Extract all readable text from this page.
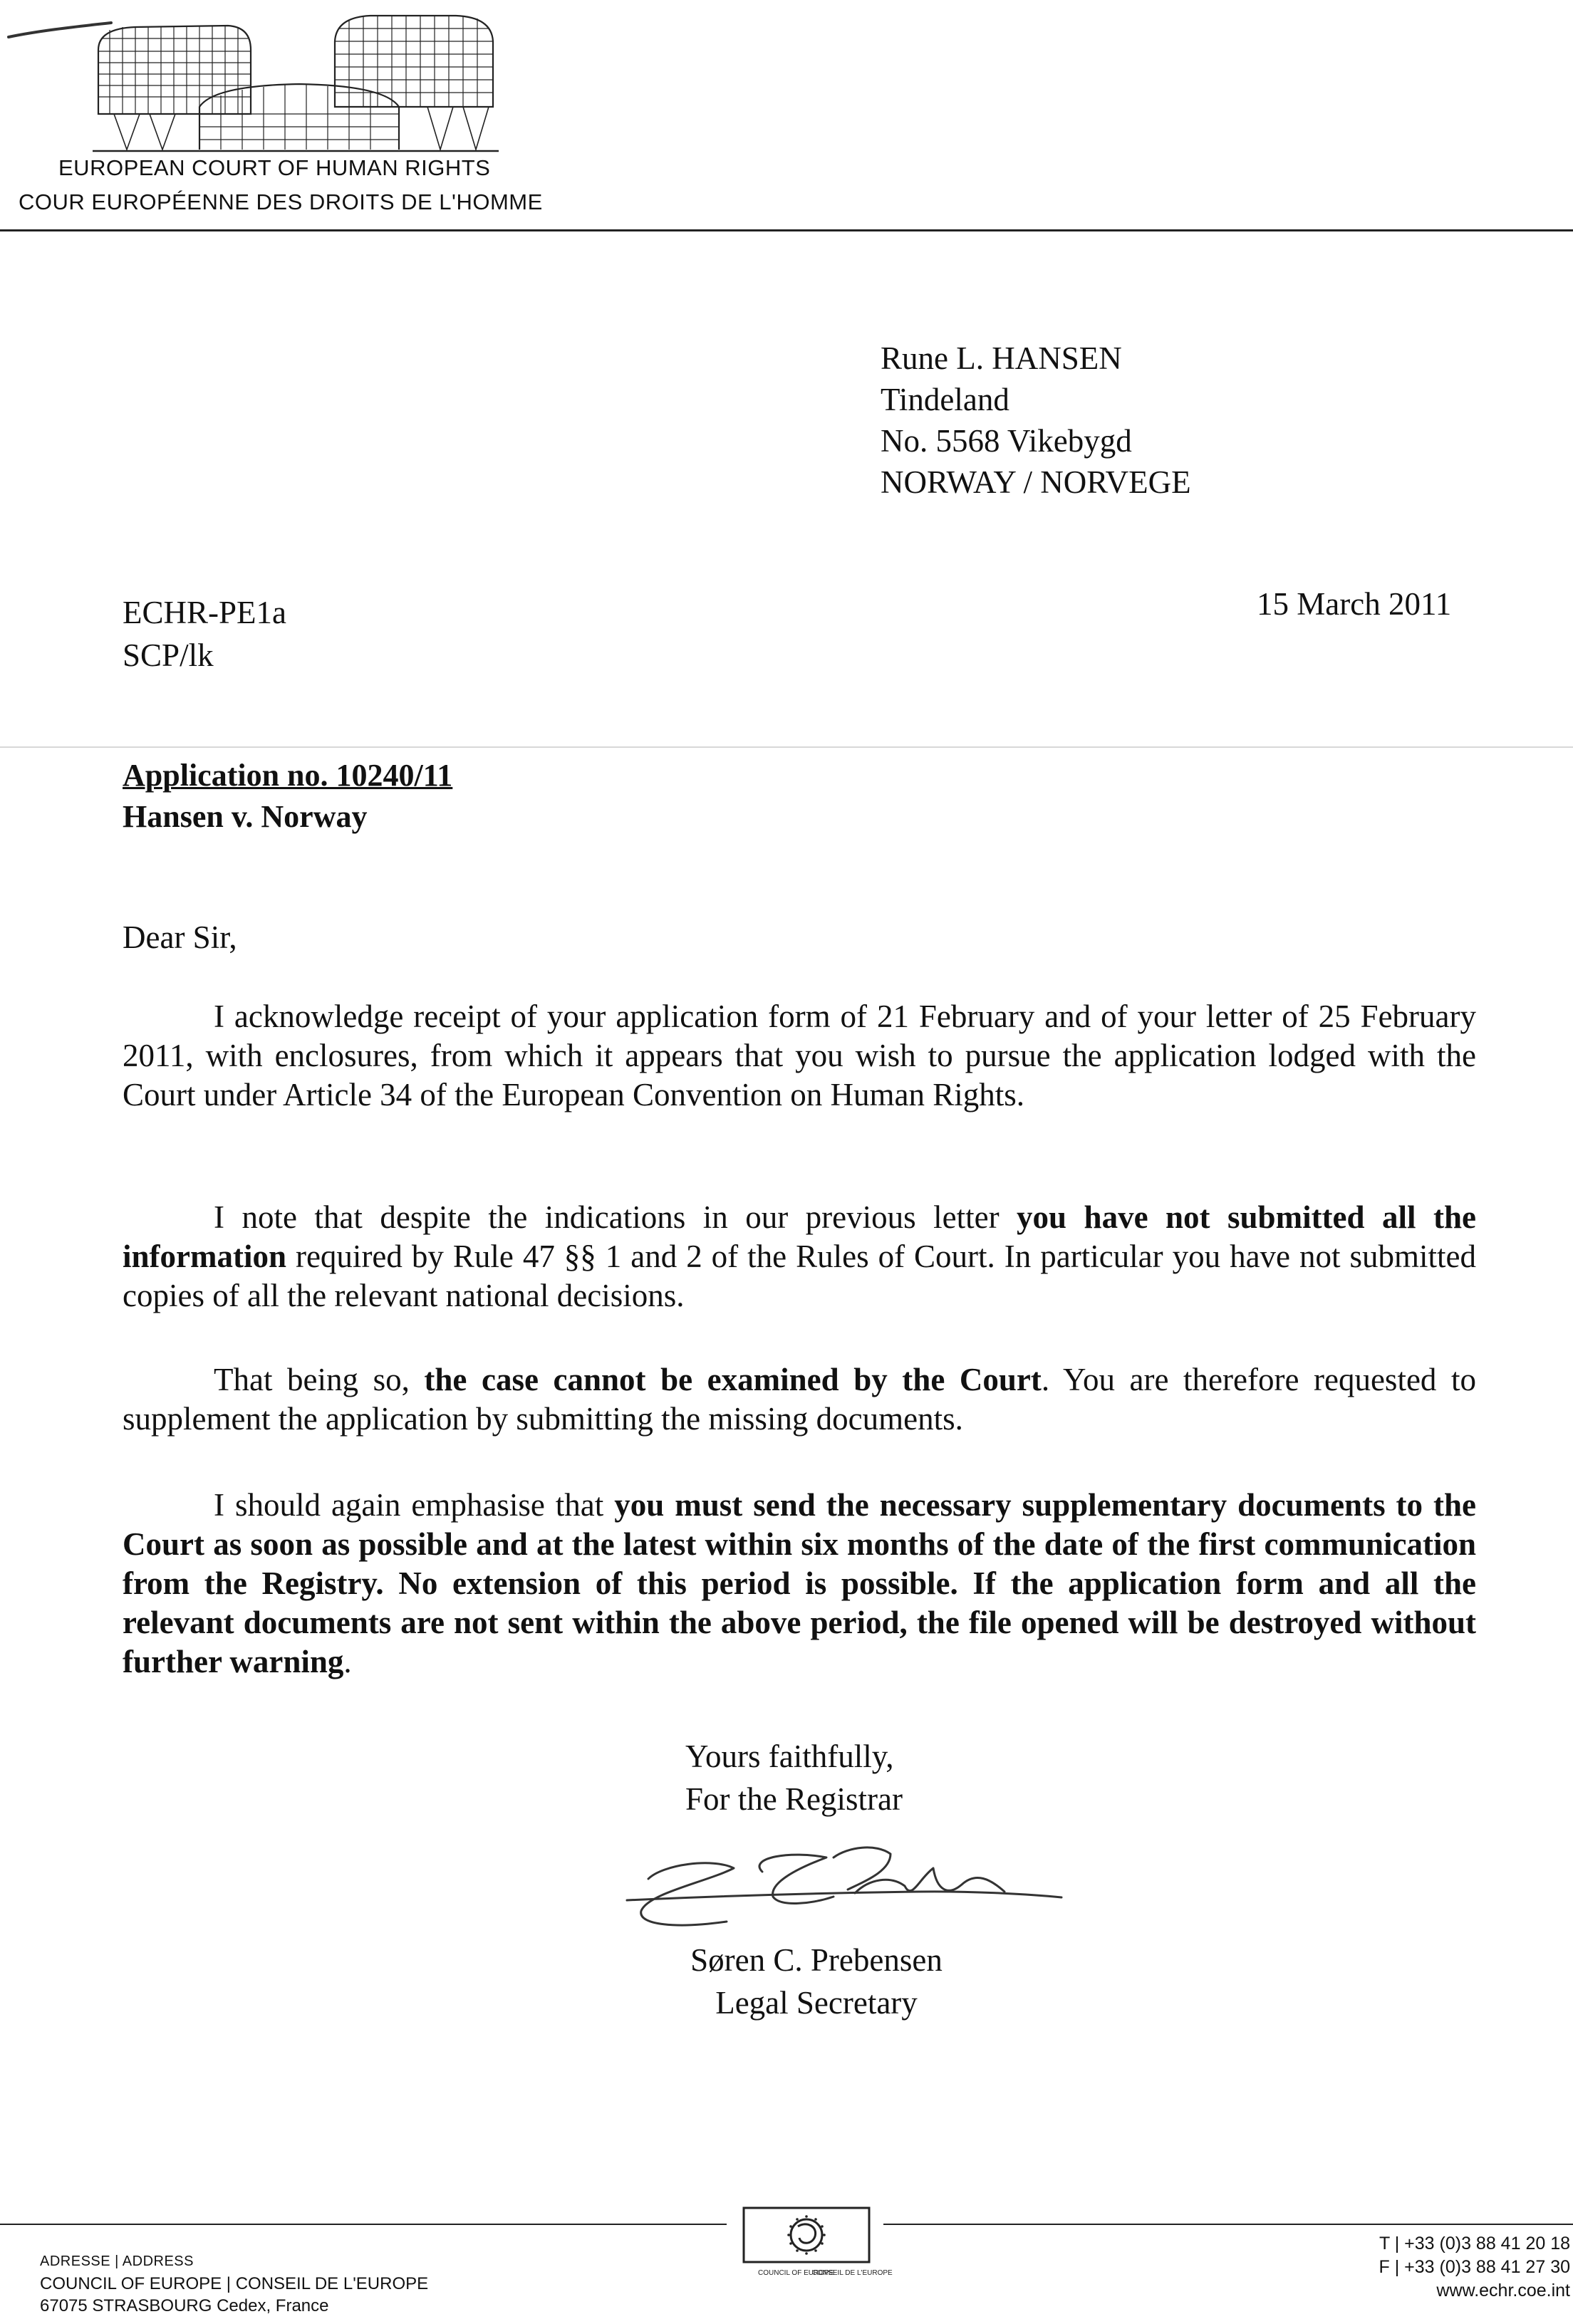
EUROPEAN COURT OF HUMAN RIGHTS
COUR EUROPÉENNE DES DROITS DE L'HOMME
Rune L. HANSEN
Tindeland
No. 5568 Vikebygd
NORWAY / NORVEGE
ECHR-PE1a
SCP/lk
15 March 2011
Application no. 10240/11
Hansen v. Norway
Dear Sir,
I acknowledge receipt of your application form of 21 February and of your letter of 25 February 2011, with enclosures, from which it appears that you wish to pursue the application lodged with the Court under Article 34 of the European Convention on Human Rights.
I note that despite the indications in our previous letter you have not submitted all the information required by Rule 47 §§ 1 and 2 of the Rules of Court. In particular you have not submitted copies of all the relevant national decisions.
That being so, the case cannot be examined by the Court. You are therefore requested to supplement the application by submitting the missing documents.
I should again emphasise that you must send the necessary supplementary documents to the Court as soon as possible and at the latest within six months of the date of the first communication from the Registry. No extension of this period is possible. If the application form and all the relevant documents are not sent within the above period, the file opened will be destroyed without further warning.
Yours faithfully,
For the Registrar
Søren C. Prebensen
Legal Secretary
COUNCIL OF EUROPE
CONSEIL DE L'EUROPE
ADRESSE | ADDRESS
COUNCIL OF EUROPE | CONSEIL DE L'EUROPE
67075 STRASBOURG Cedex, France
T | +33 (0)3 88 41 20 18
F | +33 (0)3 88 41 27 30
www.echr.coe.int
